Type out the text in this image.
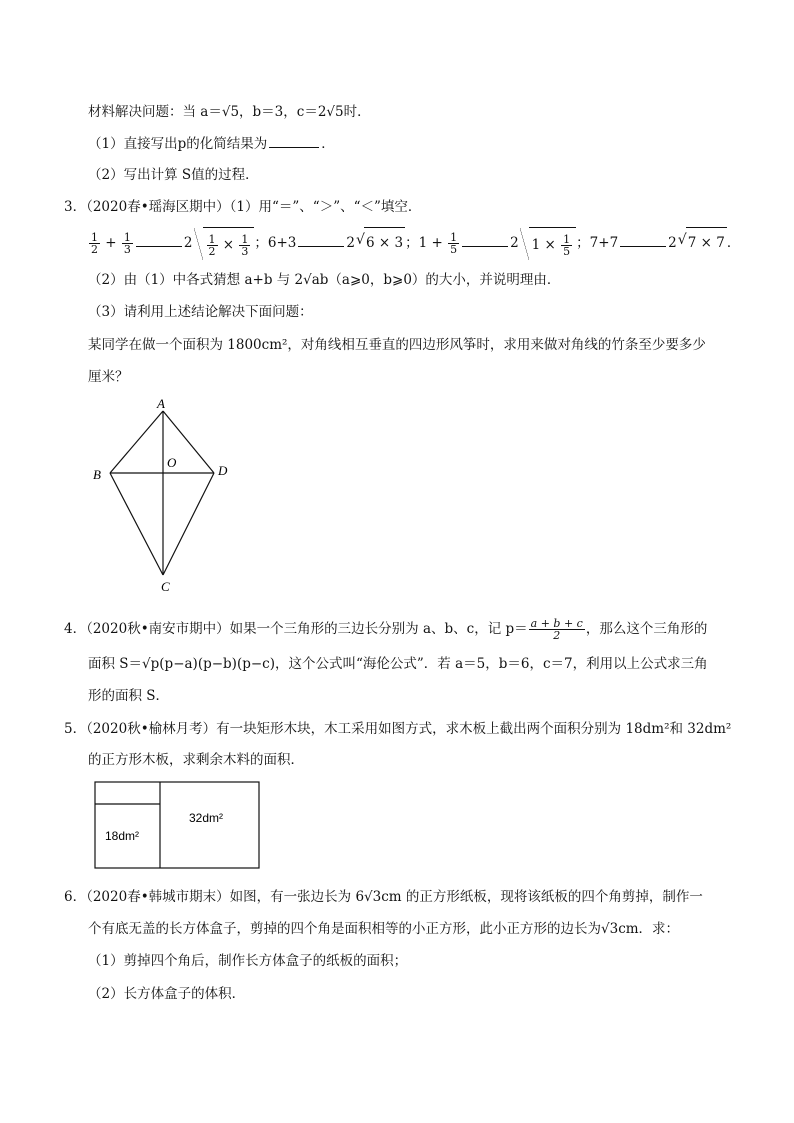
材料解决问题：当 a＝√5，b＝3，c＝2√5时．
（1）直接写出p的化简结果为	．
（2）写出计算 S值的过程．
3．（2020春•瑶海区期中）（1）用“＝”、“＞”、“＜”填空．
$\frac{1}{2} + \frac{1}{3}$	$2 \frac{1}{2} \times \frac{1}{3}$ ；6+3	2 √ 6 × 3 ；$1 + \frac{1}{5}$	2 $1 \times \frac{1}{5}$ ；7+7	2 √ 7 × 7 ．
（2）由（1）中各式猜想 a+b 与 2√ab（a⩾0，b⩾0）的大小，并说明理由．
（3）请利用上述结论解决下面问题：
某同学在做一个面积为 1800cm²，对角线相互垂直的四边形风筝时，求用来做对角线的竹条至少要多少
厘米？
A
B
O
D
C
4．（2020秋•南安市期中）如果一个三角形的三边长分别为 a、b、c，记 $p= \frac{a + b + c}{2}$ ，那么这个三角形的
面积 S＝√p(p−a)(p−b)(p−c)，这个公式叫“海伦公式”．若 a＝5，b＝6，c＝7，利用以上公式求三角
形的面积 S．
5．（2020秋•榆林月考）有一块矩形木块，木工采用如图方式，求木板上截出两个面积分别为 18dm²和 32dm²
的正方形木板，求剩余木料的面积．
18dm²
32dm²
6．（2020春•韩城市期末）如图，有一张边长为 6√3cm 的正方形纸板，现将该纸板的四个角剪掉，制作一
个有底无盖的长方体盒子，剪掉的四个角是面积相等的小正方形，此小正方形的边长为√3cm．求：
（1）剪掉四个角后，制作长方体盒子的纸板的面积；
（2）长方体盒子的体积．
